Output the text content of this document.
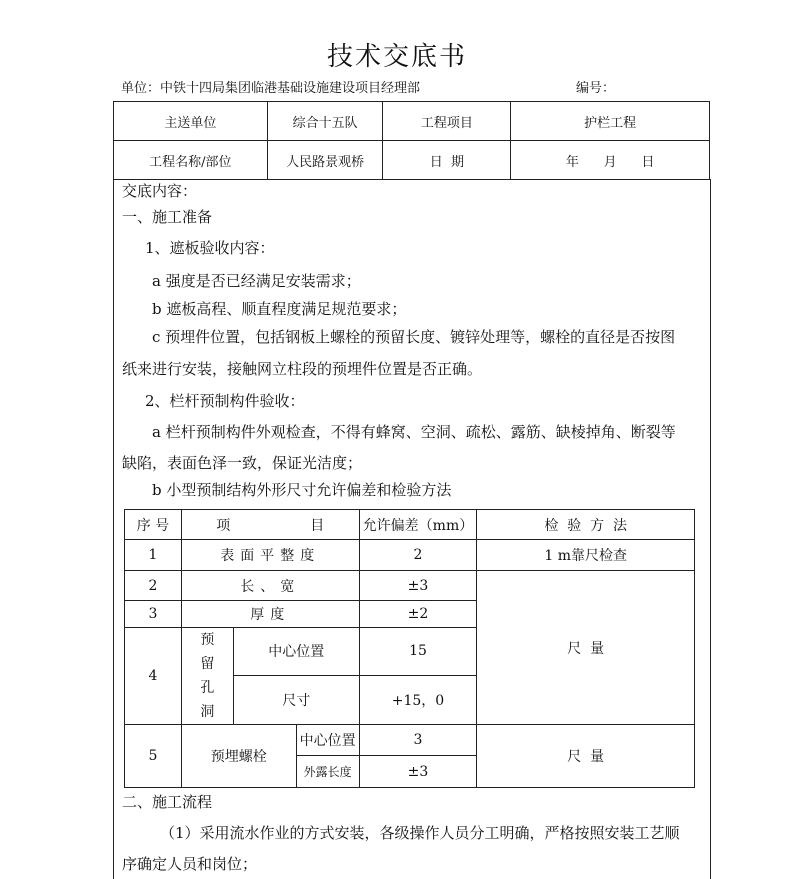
技术交底书
单位：中铁十四局集团临港基础设施建设项目经理部	编号：
主送单位	综合十五队	工程项目	护栏工程
工程名称/部位	人民路景观桥	日  期	年      月      日
交底内容：
一、施工准备
1、遮板验收内容：
a 强度是否已经满足安装需求；
b 遮板高程、顺直程度满足规范要求；
c 预埋件位置，包括钢板上螺栓的预留长度、镀锌处理等，螺栓的直径是否按图
纸来进行安装，接触网立柱段的预埋件位置是否正确。
2、栏杆预制构件验收：
a 栏杆预制构件外观检查，不得有蜂窝、空洞、疏松、露筋、缺棱掉角、断裂等
缺陷，表面色泽一致，保证光洁度；
b 小型预制结构外形尺寸允许偏差和检验方法
序 号	项 目			允许偏差（mm）	检  验  方  法
1	表面平整度			2	1 m靠尺检查
2	长、宽			±3	尺  量
3	厚度			±2	
4	预留孔洞	中心位置		15	
		尺寸		+15，0	
5	预埋螺栓		中心位置	3	尺  量
			外露长度	±3	
二、施工流程
（1）采用流水作业的方式安装，各级操作人员分工明确，严格按照安装工艺顺
序确定人员和岗位；
